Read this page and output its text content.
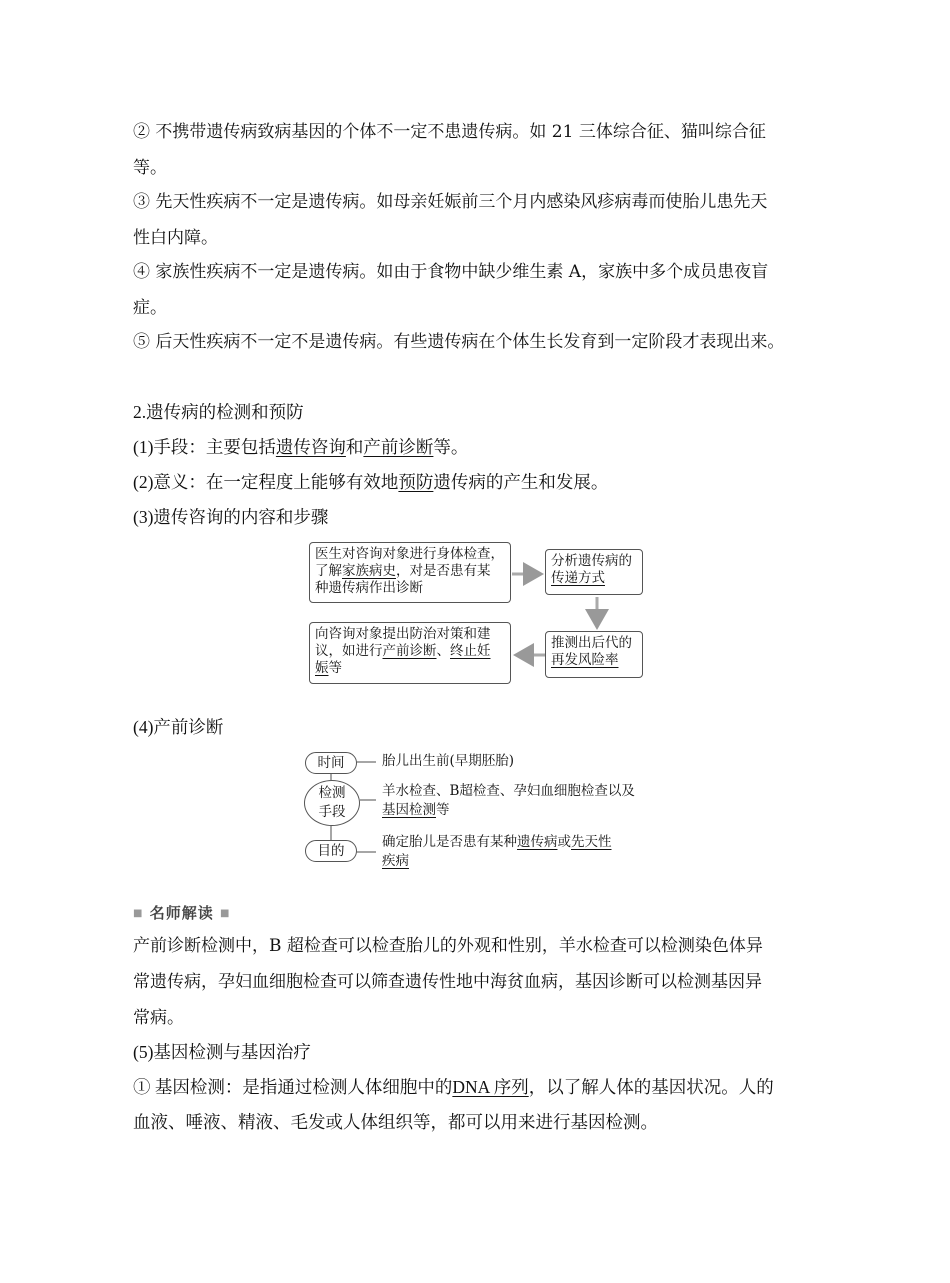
② 不携带遗传病致病基因的个体不一定不患遗传病。如 21 三体综合征、猫叫综合征
等。
③ 先天性疾病不一定是遗传病。如母亲妊娠前三个月内感染风疹病毒而使胎儿患先天
性白内障。
④ 家族性疾病不一定是遗传病。如由于食物中缺少维生素 A，家族中多个成员患夜盲
症。
⑤ 后天性疾病不一定不是遗传病。有些遗传病在个体生长发育到一定阶段才表现出来。
2.遗传病的检测和预防
(1)手段：主要包括遗传咨询和产前诊断等。
(2)意义：在一定程度上能够有效地预防遗传病的产生和发展。
(3)遗传咨询的内容和步骤
医生对咨询对象进行身体检查，
了解家族病史，对是否患有某
种遗传病作出诊断
分析遗传病的
传递方式
推测出后代的
再发风险率
向咨询对象提出防治对策和建
议，如进行产前诊断、终止妊
娠等
(4)产前诊断
时间	胎儿出生前(早期胚胎)
检测
手段
羊水检查、B超检查、孕妇血细胞检查以及
基因检测等
目的
确定胎儿是否患有某种遗传病或先天性
疾病
■ 名师解读 ■
产前诊断检测中，B 超检查可以检查胎儿的外观和性别，羊水检查可以检测染色体异
常遗传病，孕妇血细胞检查可以筛查遗传性地中海贫血病，基因诊断可以检测基因异
常病。
(5)基因检测与基因治疗
① 基因检测：是指通过检测人体细胞中的DNA 序列，以了解人体的基因状况。人的
血液、唾液、精液、毛发或人体组织等，都可以用来进行基因检测。
